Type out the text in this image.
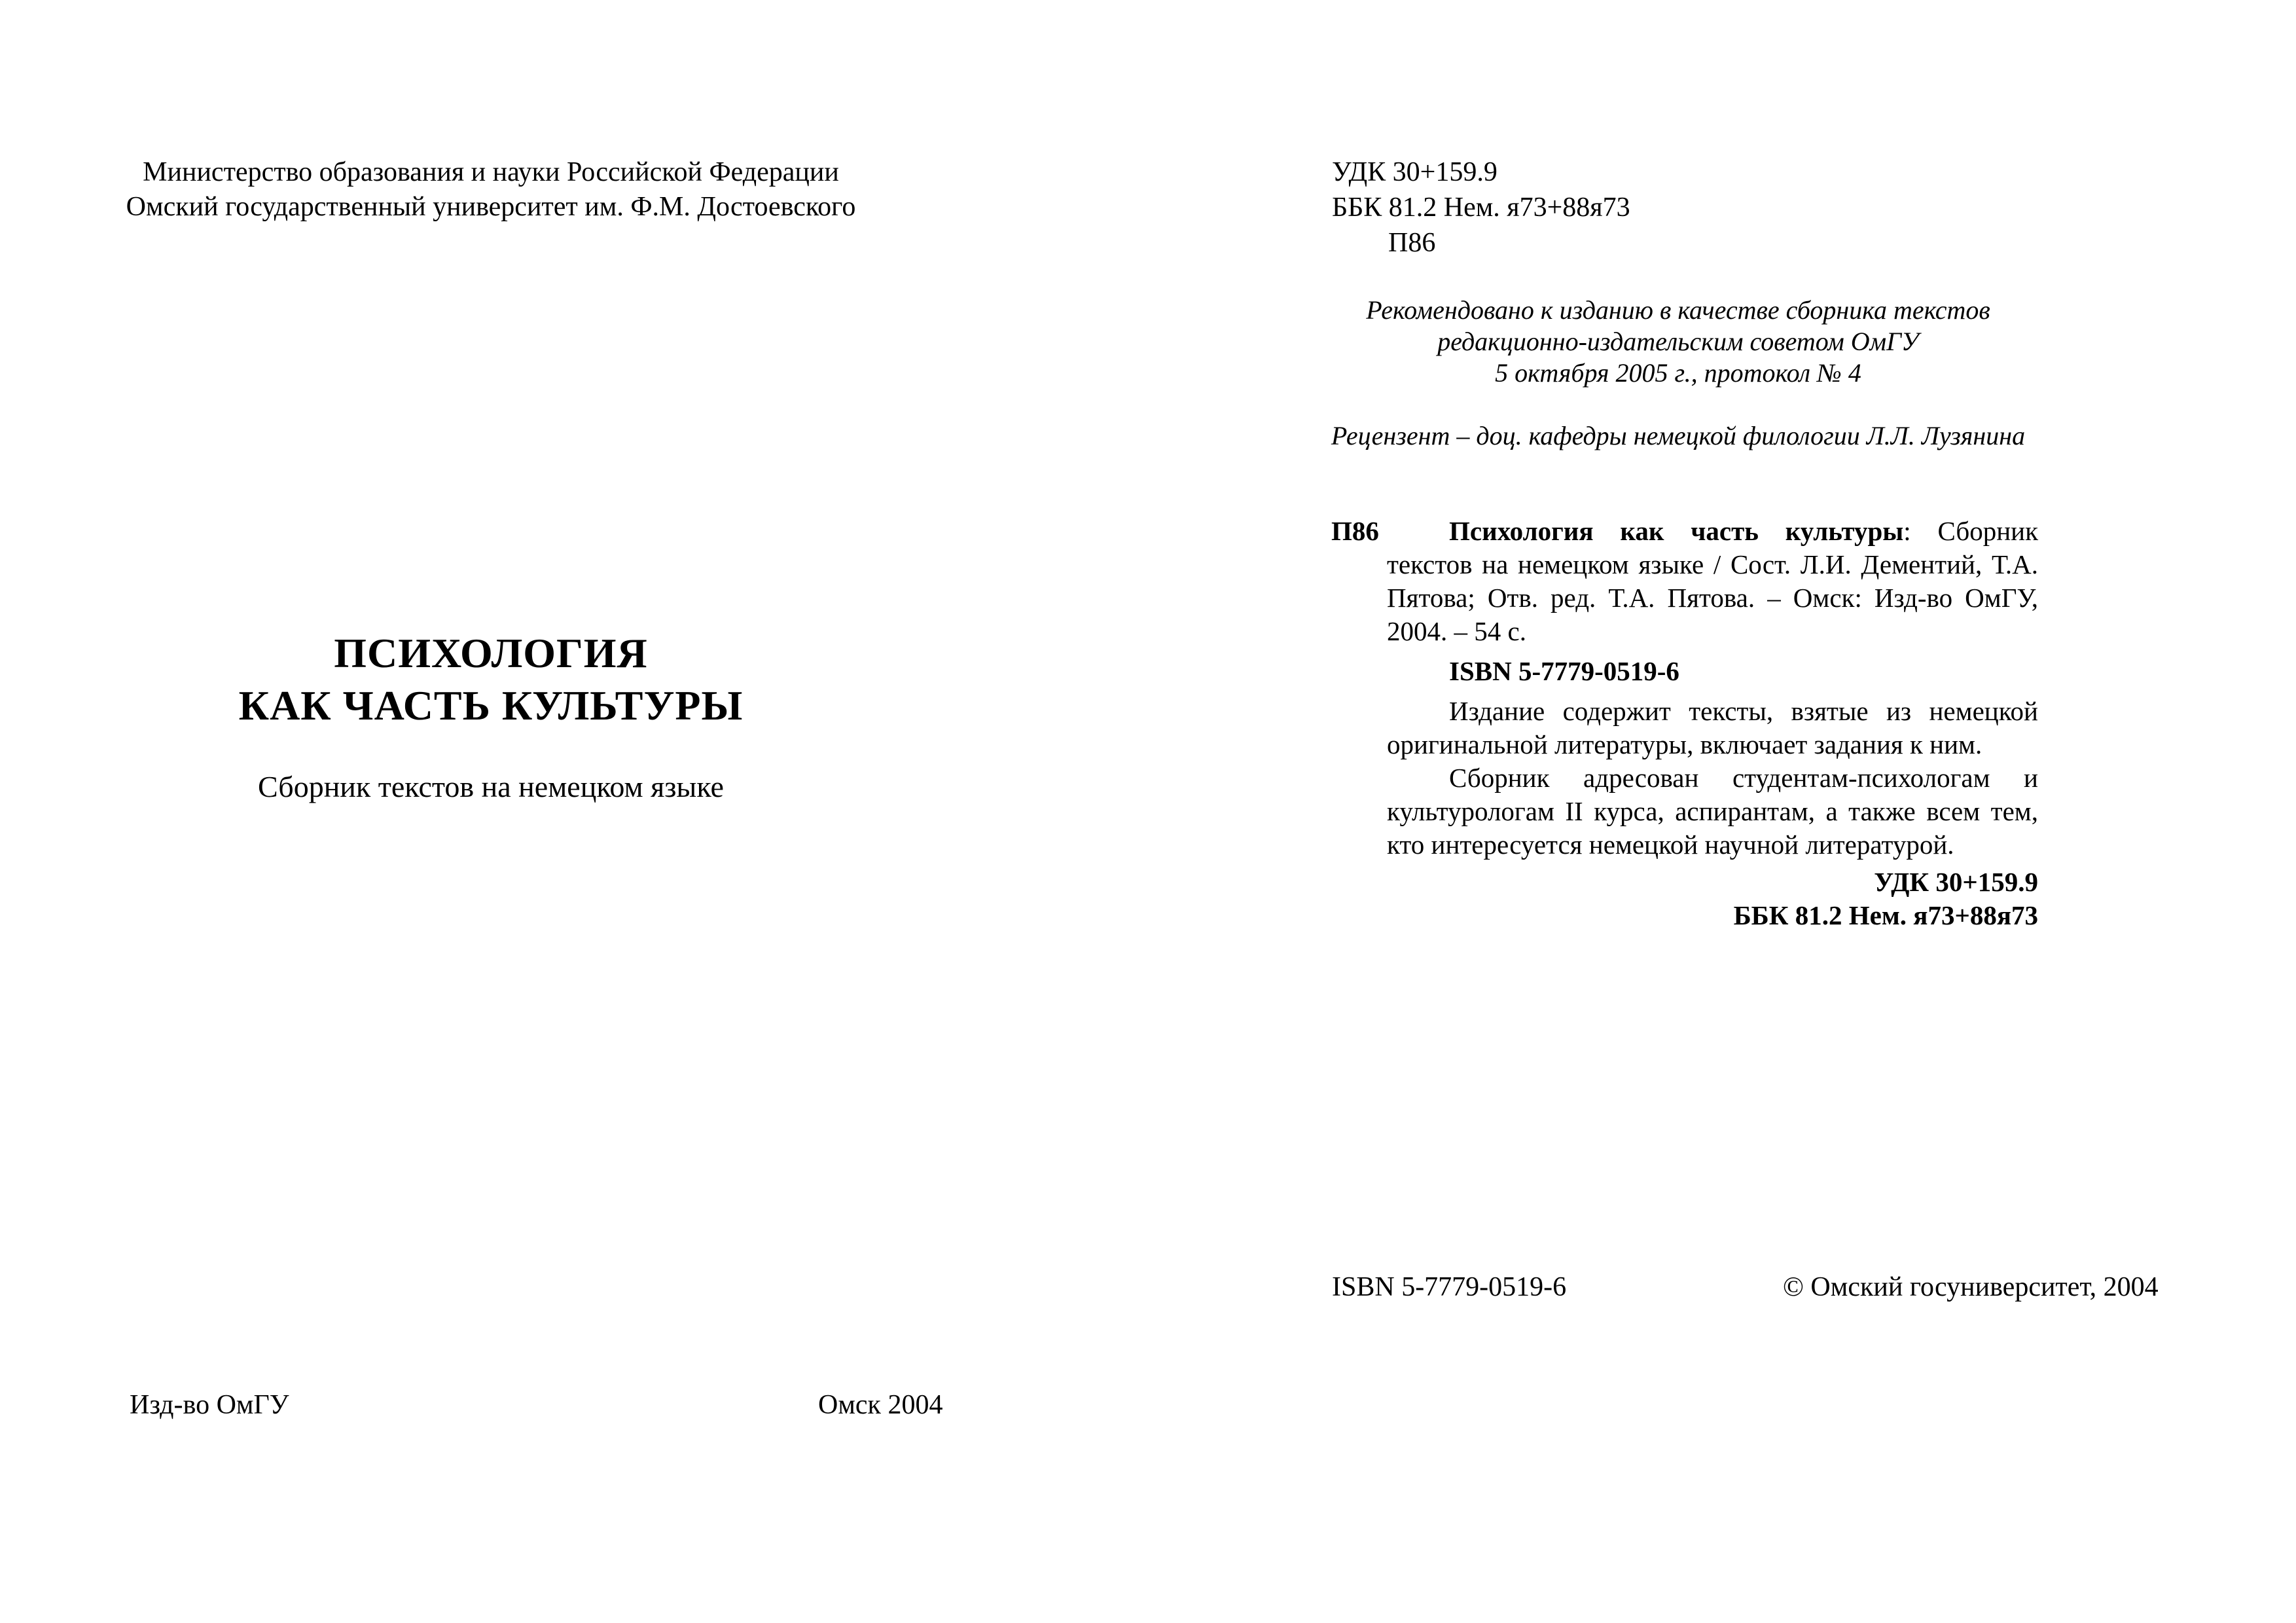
Министерство образования и науки Российской Федерации
Омский государственный университет им. Ф.М. Достоевского
ПСИХОЛОГИЯ
КАК ЧАСТЬ КУЛЬТУРЫ
Сборник текстов на немецком языке
Изд-во ОмГУ	Омск 2004
УДК 30+159.9
ББК 81.2 Нем. я73+88я73
П86
Рекомендовано к изданию в качестве сборника текстов
редакционно-издательским советом ОмГУ
5 октября 2005 г., протокол № 4
Рецензент – доц. кафедры немецкой филологии Л.Л. Лузянина
П86	Психология как часть культуры: Сборник текстов на немецком языке / Сост. Л.И. Дементий, Т.А. Пятова; Отв. ред. Т.А. Пятова. – Омск: Изд-во ОмГУ, 2004. – 54 с.
ISBN 5-7779-0519-6
Издание содержит тексты, взятые из немецкой оригинальной литературы, включает задания к ним.
Сборник адресован студентам-психологам и культурологам II курса, аспирантам, а также всем тем, кто интересуется немецкой научной литературой.
УДК 30+159.9
ББК 81.2 Нем. я73+88я73
ISBN 5-7779-0519-6	© Омский госуниверситет, 2004
